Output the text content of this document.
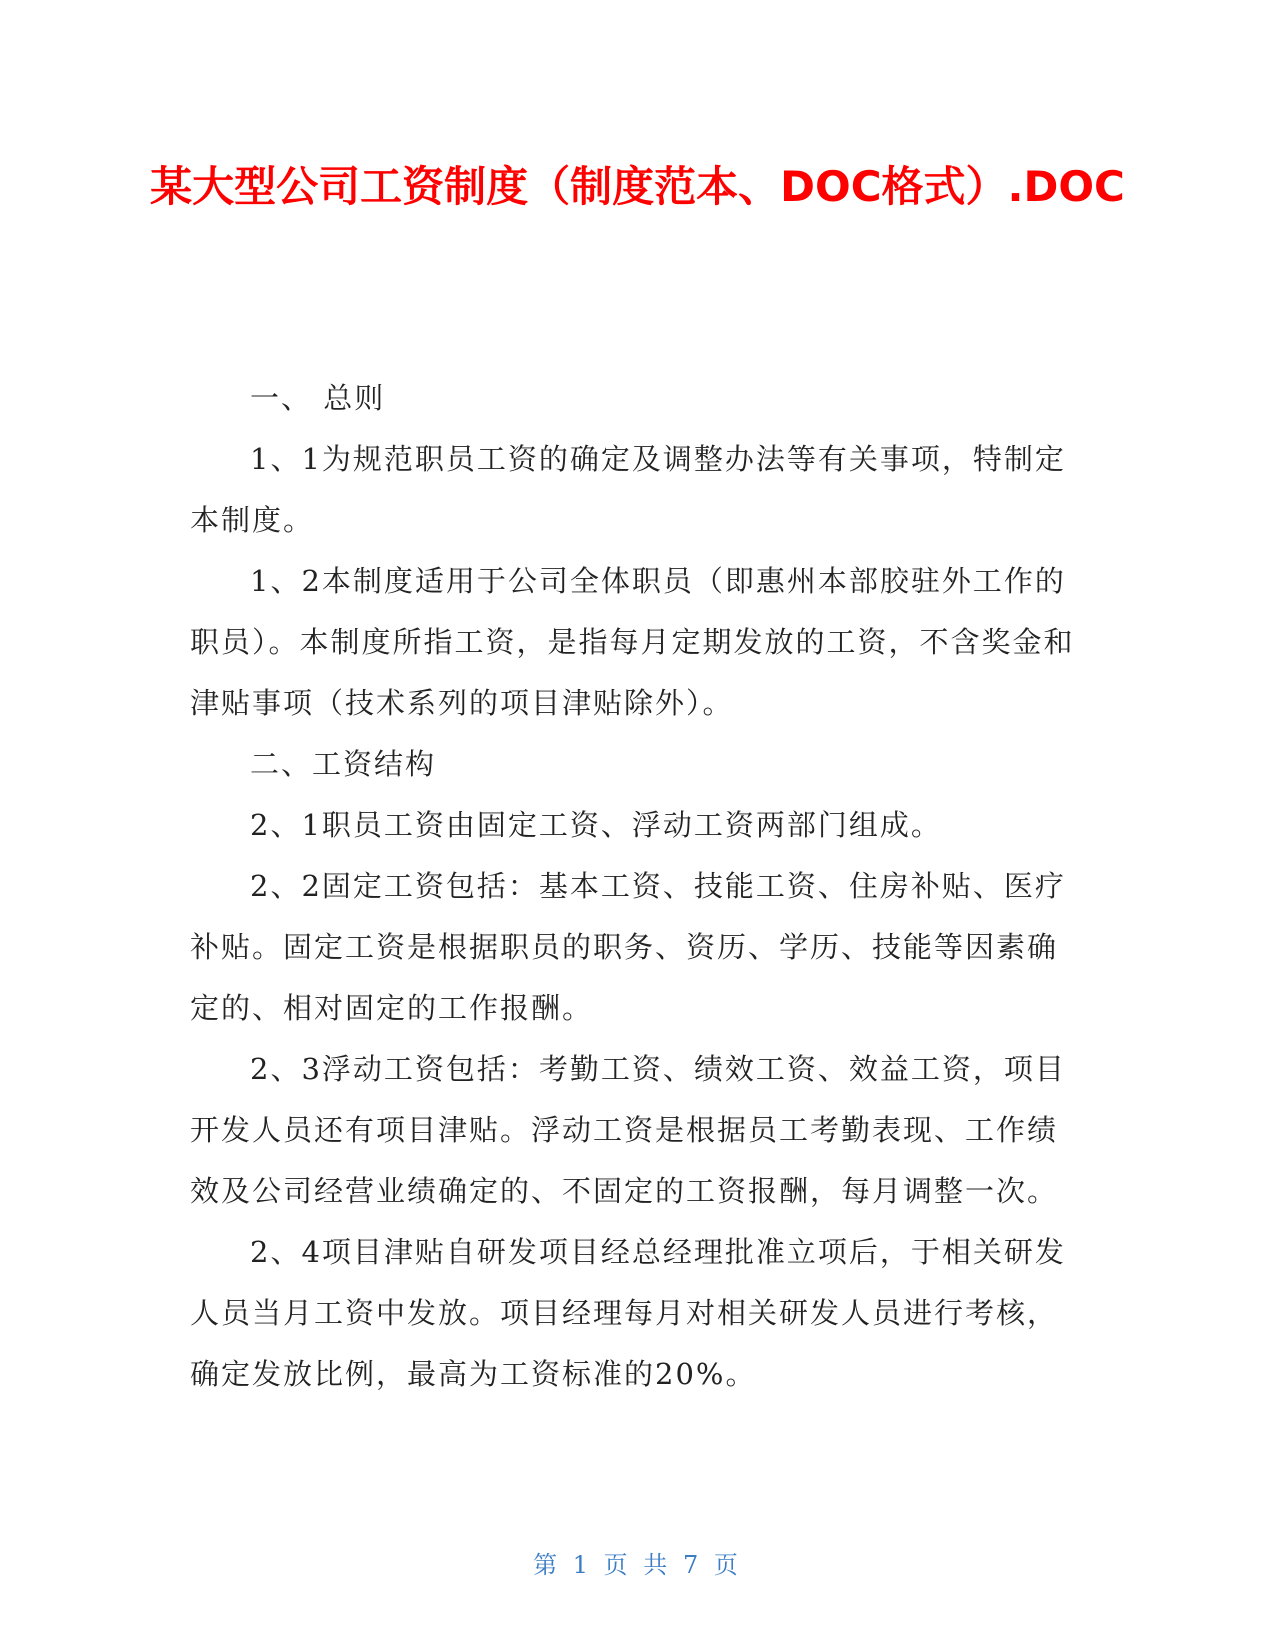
某大型公司工资制度（制度范本、DOC格式）.DOC

一、 总则

1、1为规范职员工资的确定及调整办法等有关事项，特制定本制度。

1、2本制度适用于公司全体职员（即惠州本部胶驻外工作的职员）。本制度所指工资，是指每月定期发放的工资，不含奖金和津贴事项（技术系列的项目津贴除外）。

二、工资结构

2、1职员工资由固定工资、浮动工资两部门组成。

2、2固定工资包括：基本工资、技能工资、住房补贴、医疗补贴。固定工资是根据职员的职务、资历、学历、技能等因素确定的、相对固定的工作报酬。

2、3浮动工资包括：考勤工资、绩效工资、效益工资，项目开发人员还有项目津贴。浮动工资是根据员工考勤表现、工作绩效及公司经营业绩确定的、不固定的工资报酬，每月调整一次。

2、4项目津贴自研发项目经总经理批准立项后，于相关研发人员当月工资中发放。项目经理每月对相关研发人员进行考核，确定发放比例，最高为工资标准的20%。

第 1 页 共 7 页
